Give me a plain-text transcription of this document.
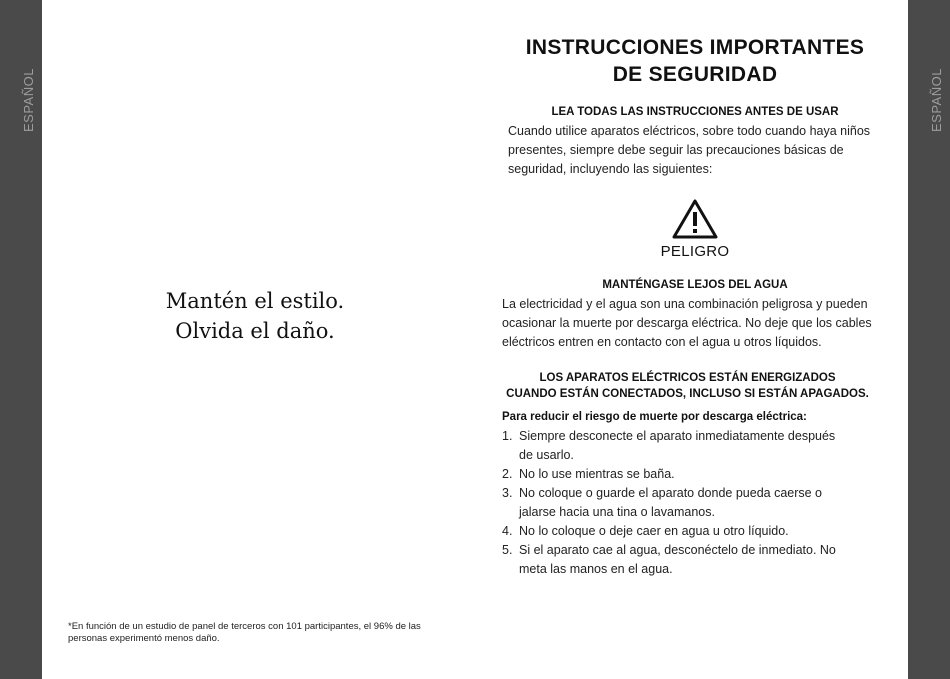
ESPAÑOL	ESPAÑOL
Mantén el estilo.
Olvida el daño.
*En función de un estudio de panel de terceros con 101 participantes, el 96% de las personas experimentó menos daño.
INSTRUCCIONES IMPORTANTES
DE SEGURIDAD
LEA TODAS LAS INSTRUCCIONES ANTES DE USAR
Cuando utilice aparatos eléctricos, sobre todo cuando haya niños presentes, siempre debe seguir las precauciones básicas de seguridad, incluyendo las siguientes:
PELIGRO
MANTÉNGASE LEJOS DEL AGUA
La electricidad y el agua son una combinación peligrosa y pueden ocasionar la muerte por descarga eléctrica. No deje que los cables eléctricos entren en contacto con el agua u otros líquidos.
LOS APARATOS ELÉCTRICOS ESTÁN ENERGIZADOS
CUANDO ESTÁN CONECTADOS, INCLUSO SI ESTÁN APAGADOS.
Para reducir el riesgo de muerte por descarga eléctrica:
1. Siempre desconecte el aparato inmediatamente después de usarlo.
2. No lo use mientras se baña.
3. No coloque o guarde el aparato donde pueda caerse o jalarse hacia una tina o lavamanos.
4. No lo coloque o deje caer en agua u otro líquido.
5. Si el aparato cae al agua, desconéctelo de inmediato. No meta las manos en el agua.
